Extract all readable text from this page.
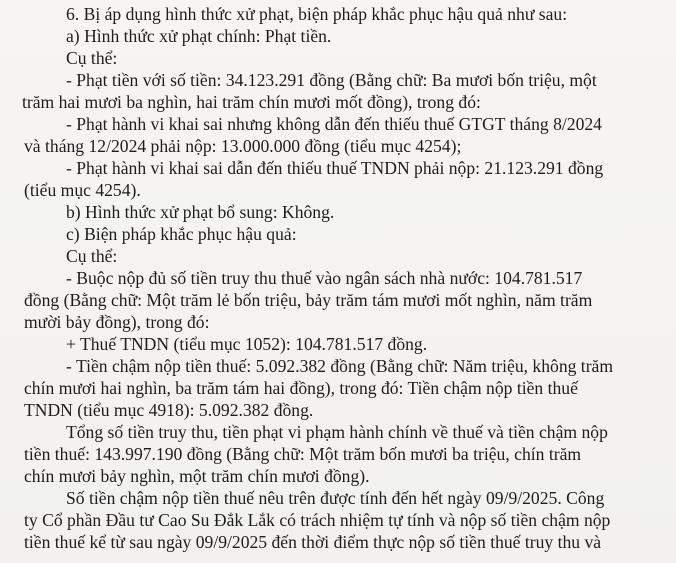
6. Bị áp dụng hình thức xử phạt, biện pháp khắc phục hậu quả như sau:
a) Hình thức xử phạt chính: Phạt tiền.
Cụ thể:
- Phạt tiền với số tiền: 34.123.291 đồng (Bằng chữ: Ba mươi bốn triệu, một
trăm hai mươi ba nghìn, hai trăm chín mươi mốt đồng), trong đó:
- Phạt hành vi khai sai nhưng không dẫn đến thiếu thuế GTGT tháng 8/2024
và tháng 12/2024 phải nộp: 13.000.000 đồng (tiểu mục 4254);
- Phạt hành vi khai sai dẫn đến thiếu thuế TNDN phải nộp: 21.123.291 đồng
(tiểu mục 4254).
b) Hình thức xử phạt bổ sung: Không.
c) Biện pháp khắc phục hậu quả:
Cụ thể:
- Buộc nộp đủ số tiền truy thu thuế vào ngân sách nhà nước: 104.781.517
đồng (Bằng chữ: Một trăm lẻ bốn triệu, bảy trăm tám mươi mốt nghìn, năm trăm
mười bảy đồng), trong đó:
+ Thuế TNDN (tiểu mục 1052): 104.781.517 đồng.
- Tiền chậm nộp tiền thuế: 5.092.382 đồng (Bằng chữ: Năm triệu, không trăm
chín mươi hai nghìn, ba trăm tám hai đồng), trong đó: Tiền chậm nộp tiền thuế
TNDN (tiểu mục 4918): 5.092.382 đồng.
Tổng số tiền truy thu, tiền phạt vi phạm hành chính về thuế và tiền chậm nộp
tiền thuế: 143.997.190 đồng (Bằng chữ: Một trăm bốn mươi ba triệu, chín trăm
chín mươi bảy nghìn, một trăm chín mươi đồng).
Số tiền chậm nộp tiền thuế nêu trên được tính đến hết ngày 09/9/2025. Công
ty Cổ phần Đầu tư Cao Su Đắk Lắk có trách nhiệm tự tính và nộp số tiền chậm nộp
tiền thuế kể từ sau ngày 09/9/2025 đến thời điểm thực nộp số tiền thuế truy thu và
